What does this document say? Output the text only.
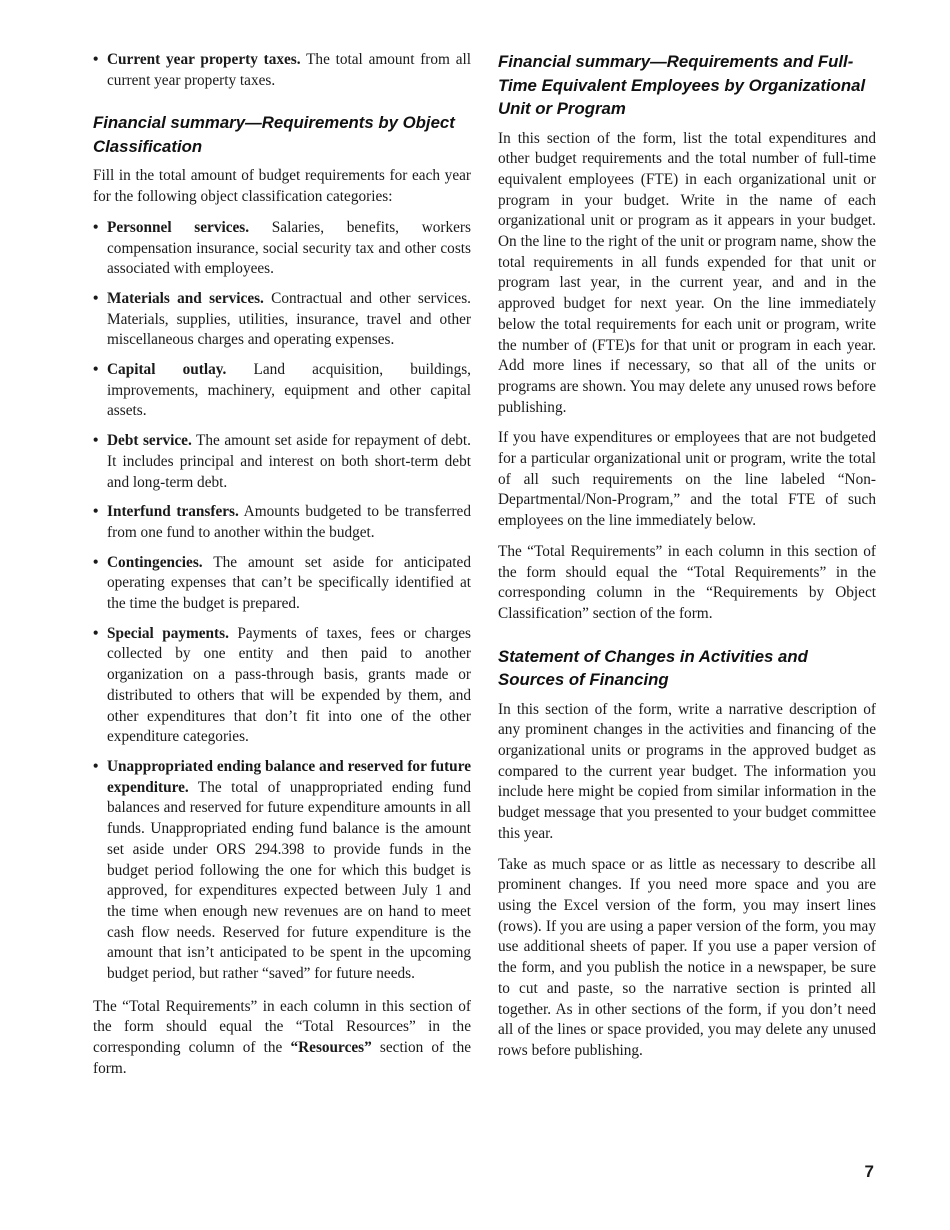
• Current year property taxes. The total amount from all current year property taxes.
Financial summary—Requirements by Object Classification

Fill in the total amount of budget requirements for each year for the following object classification categories:

• Personnel services. Salaries, benefits, workers compensation insurance, social security tax and other costs associated with employees.
• Materials and services. Contractual and other services. Materials, supplies, utilities, insurance, travel and other miscellaneous charges and operating expenses.
• Capital outlay. Land acquisition, buildings, improvements, machinery, equipment and other capital assets.
• Debt service. The amount set aside for repayment of debt. It includes principal and interest on both short-term debt and long-term debt.
• Interfund transfers. Amounts budgeted to be transferred from one fund to another within the budget.
• Contingencies. The amount set aside for anticipated operating expenses that can’t be specifically identified at the time the budget is prepared.
• Special payments. Payments of taxes, fees or charges collected by one entity and then paid to another organization on a pass-through basis, grants made or distributed to others that will be expended by them, and other expenditures that don’t fit into one of the other expenditure categories.
• Unappropriated ending balance and reserved for future expenditure. The total of unappropriated ending fund balances and reserved for future expenditure amounts in all funds. Unappropriated ending fund balance is the amount set aside under ORS 294.398 to provide funds in the budget period following the one for which this budget is approved, for expenditures expected between July 1 and the time when enough new revenues are on hand to meet cash flow needs. Reserved for future expenditure is the amount that isn’t anticipated to be spent in the upcoming budget period, but rather “saved” for future needs.

The “Total Requirements” in each column in this section of the form should equal the “Total Resources” in the corresponding column of the “Resources” section of the form.

Financial summary—Requirements and Full-Time Equivalent Employees by Organizational Unit or Program

In this section of the form, list the total expenditures and other budget requirements and the total number of full-time equivalent employees (FTE) in each organizational unit or program in your budget. Write in the name of each organizational unit or program as it appears in your budget. On the line to the right of the unit or program name, show the total requirements in all funds expended for that unit or program last year, in the current year, and and in the approved budget for next year. On the line immediately below the total requirements for each unit or program, write the number of (FTE)s for that unit or program in each year. Add more lines if necessary, so that all of the units or programs are shown. You may delete any unused rows before publishing.

If you have expenditures or employees that are not budgeted for a particular organizational unit or program, write the total of all such requirements on the line labeled “Non-Departmental/Non-Program,” and the total FTE of such employees on the line immediately below.

The “Total Requirements” in each column in this section of the form should equal the “Total Requirements” in the corresponding column in the “Requirements by Object Classification” section of the form.

Statement of Changes in Activities and Sources of Financing

In this section of the form, write a narrative description of any prominent changes in the activities and financing of the organizational units or programs in the approved budget as compared to the current year budget. The information you include here might be copied from similar information in the budget message that you presented to your budget committee this year.

Take as much space or as little as necessary to describe all prominent changes. If you need more space and you are using the Excel version of the form, you may insert lines (rows). If you are using a paper version of the form, you may use additional sheets of paper. If you use a paper version of the form, and you publish the notice in a newspaper, be sure to cut and paste, so the narrative section is printed all together. As in other sections of the form, if you don’t need all of the lines or space provided, you may delete any unused rows before publishing.

7
